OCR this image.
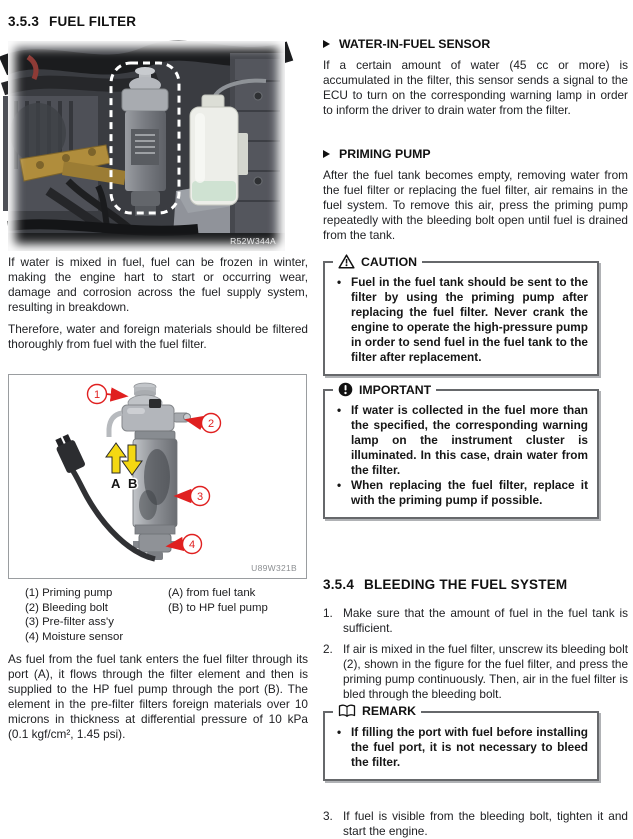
3.5.3 FUEL FILTER
R52W344A

If water is mixed in fuel, fuel can be frozen in winter, making the engine hart to start or occurring wear, damage and corrosion across the fuel supply system, resulting in breakdown.

Therefore, water and foreign materials should be filtered thoroughly from fuel with the fuel filter.

A B
1
2
3
4
U89W321B
(1) Priming pump
(2) Bleeding bolt
(3) Pre-filter ass'y
(4) Moisture sensor
(A) from fuel tank
(B) to HP fuel pump

As fuel from the fuel tank enters the fuel filter through its port (A), it flows through the filter element and then is supplied to the HP fuel pump through the port (B). The element in the pre-filter filters foreign materials over 10 microns in thickness at differential pressure of 10 kPa (0.1 kgf/cm², 1.45 psi).

WATER-IN-FUEL SENSOR

If a certain amount of water (45 cc or more) is accumulated in the filter, this sensor sends a signal to the ECU to turn on the corresponding warning lamp in order to inform the driver to drain water from the filter.

PRIMING PUMP

After the fuel tank becomes empty, removing water from the fuel filter or replacing the fuel filter, air remains in the fuel system. To remove this air, press the priming pump repeatedly with the bleeding bolt open until fuel is drained from the tank.

CAUTION
• Fuel in the fuel tank should be sent to the filter by using the priming pump after replacing the fuel filter. Never crank the engine to operate the high-pressure pump in order to send fuel in the fuel tank to the filter after replacement.
IMPORTANT
• If water is collected in the fuel more than the specified, the corresponding warning lamp on the instrument cluster is illuminated. In this case, drain water from the filter.
• When replacing the fuel filter, replace it with the priming pump if possible.
3.5.4 BLEEDING THE FUEL SYSTEM
1. Make sure that the amount of fuel in the fuel tank is sufficient.

2. If air is mixed in the fuel filter, unscrew its bleeding bolt (2), shown in the figure for the fuel filter, and press the priming pump continuously. Then, air in the fuel filter is bled through the bleeding bolt.

REMARK
• If filling the port with fuel before installing the fuel port, it is not necessary to bleed the filter.
3. If fuel is visible from the bleeding bolt, tighten it and start the engine.
